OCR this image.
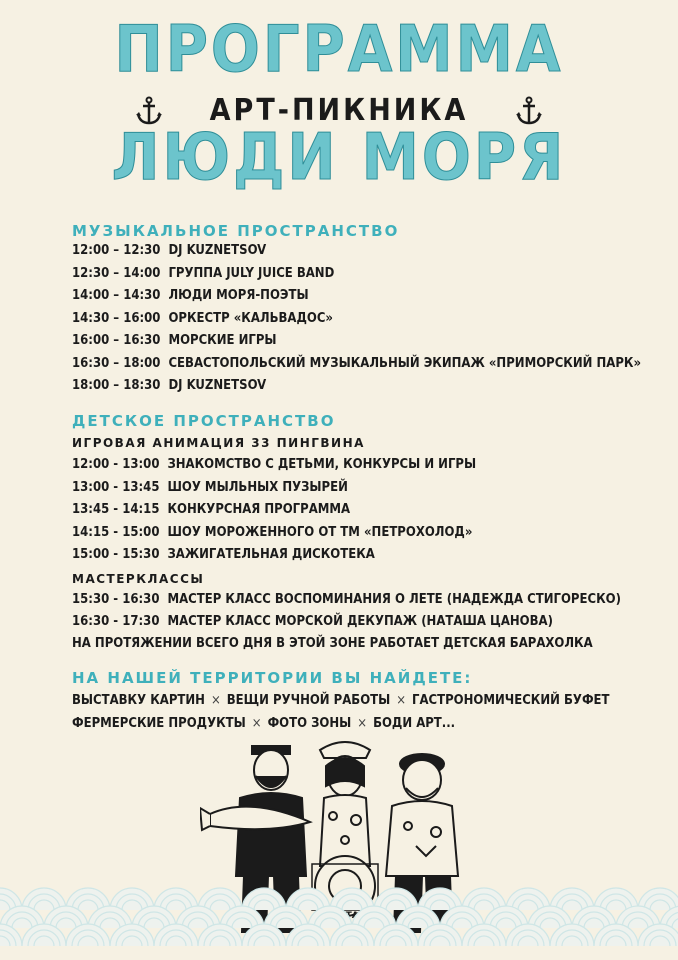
ПРОГРАММА
АРТ-ПИКНИКА
ЛЮДИ МОРЯ
МУЗЫКАЛЬНОЕ ПРОСТРАНСТВО
12:00 – 12:30 DJ KUZNETSOV
12:30 – 14:00 ГРУППА JULY JUICE BAND
14:00 – 14:30 ЛЮДИ МОРЯ-ПОЭТЫ
14:30 – 16:00 ОРКЕСТР «КАЛЬВАДОС»
16:00 – 16:30 МОРСКИЕ ИГРЫ
16:30 – 18:00 СЕВАСТОПОЛЬСКИЙ МУЗЫКАЛЬНЫЙ ЭКИПАЖ «ПРИМОРСКИЙ ПАРК»
18:00 – 18:30 DJ KUZNETSOV
ДЕТСКОЕ ПРОСТРАНСТВО
ИГРОВАЯ АНИМАЦИЯ 33 ПИНГВИНА
12:00 - 13:00 ЗНАКОМСТВО С ДЕТЬМИ, КОНКУРСЫ И ИГРЫ
13:00 - 13:45 ШОУ МЫЛЬНЫХ ПУЗЫРЕЙ
13:45 - 14:15 КОНКУРСНАЯ ПРОГРАММА
14:15 - 15:00 ШОУ МОРОЖЕННОГО ОТ ТМ «ПЕТРОХОЛОД»
15:00 - 15:30 ЗАЖИГАТЕЛЬНАЯ ДИСКОТЕКА
МАСТЕРКЛАССЫ
15:30 - 16:30 МАСТЕР КЛАСС ВОСПОМИНАНИЯ О ЛЕТЕ (НАДЕЖДА СТИГОРЕСКО)
16:30 - 17:30 МАСТЕР КЛАСС МОРСКОЙ ДЕКУПАЖ (НАТАША ЦАНОВА)
НА ПРОТЯЖЕНИИ ВСЕГО ДНЯ В ЭТОЙ ЗОНЕ РАБОТАЕТ ДЕТСКАЯ БАРАХОЛКА
НА НАШЕЙ ТЕРРИТОРИИ ВЫ НАЙДЕТЕ:
ВЫСТАВКУ КАРТИН × ВЕЩИ РУЧНОЙ РАБОТЫ × ГАСТРОНОМИЧЕСКИЙ БУФЕТ
ФЕРМЕРСКИЕ ПРОДУКТЫ × ФОТО ЗОНЫ × БОДИ АРТ...
